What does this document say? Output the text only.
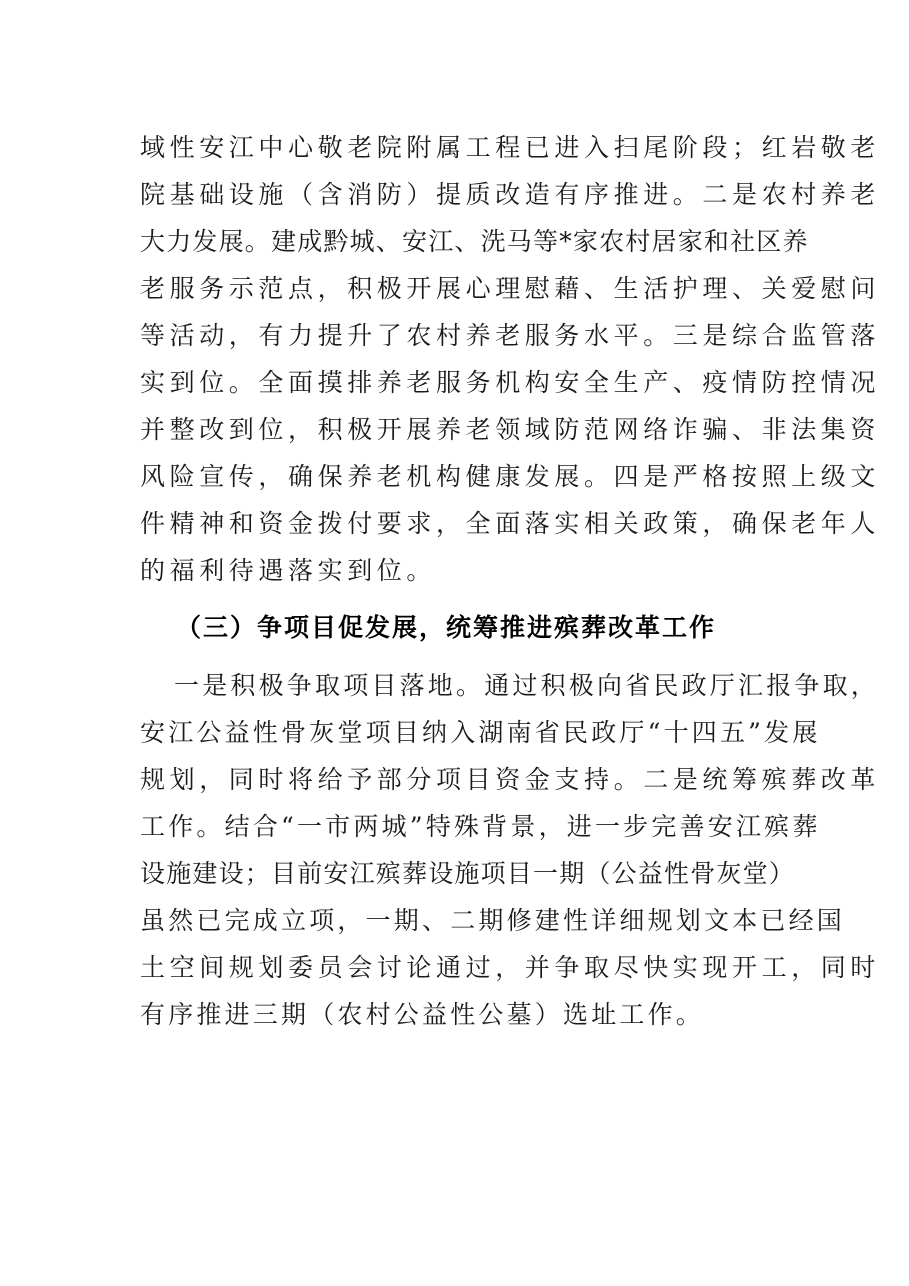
域性安江中心敬老院附属工程已进入扫尾阶段；红岩敬老
院基础设施（含消防）提质改造有序推进。二是农村养老
大力发展。建成黔城、安江、洗马等*家农村居家和社区养
老服务示范点，积极开展心理慰藉、生活护理、关爱慰问
等活动，有力提升了农村养老服务水平。三是综合监管落
实到位。全面摸排养老服务机构安全生产、疫情防控情况
并整改到位，积极开展养老领域防范网络诈骗、非法集资
风险宣传，确保养老机构健康发展。四是严格按照上级文
件精神和资金拨付要求，全面落实相关政策，确保老年人
的福利待遇落实到位。
（三）争项目促发展，统筹推进殡葬改革工作
一是积极争取项目落地。通过积极向省民政厅汇报争取，
安江公益性骨灰堂项目纳入湖南省民政厅“十四五”发展
规划，同时将给予部分项目资金支持。二是统筹殡葬改革
工作。结合“一市两城”特殊背景，进一步完善安江殡葬
设施建设；目前安江殡葬设施项目一期（公益性骨灰堂）
虽然已完成立项，一期、二期修建性详细规划文本已经国
土空间规划委员会讨论通过，并争取尽快实现开工，同时
有序推进三期（农村公益性公墓）选址工作。
